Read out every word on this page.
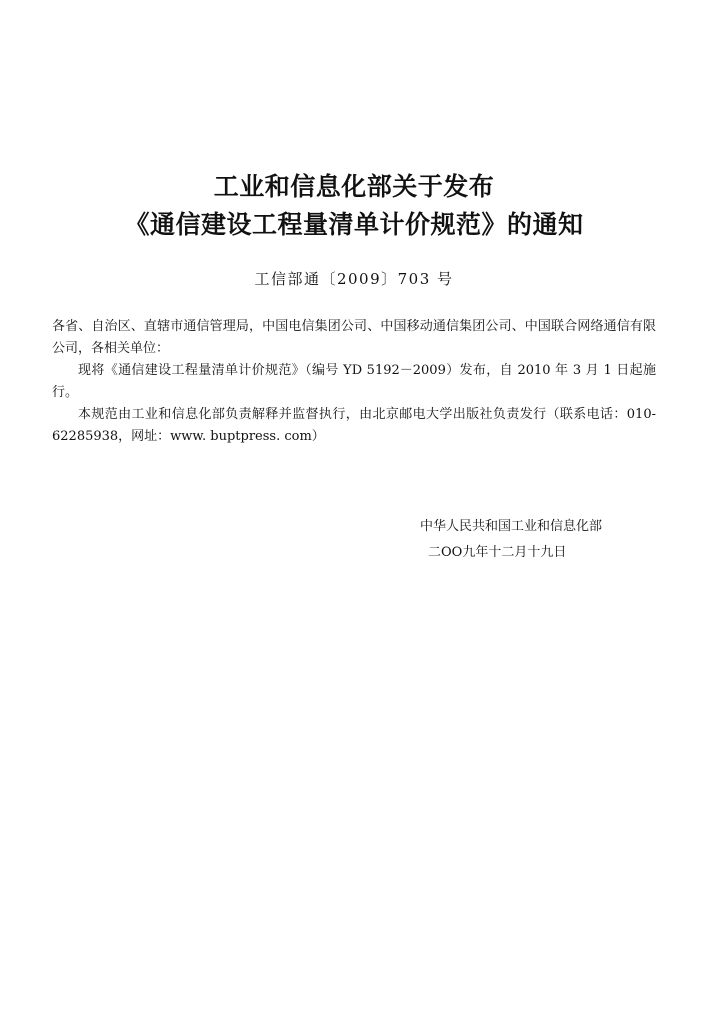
工业和信息化部关于发布
《通信建设工程量清单计价规范》的通知
工信部通〔2009〕703 号

各省、自治区、直辖市通信管理局，中国电信集团公司、中国移动通信集团公司、中国联合网络通信有限公司，各相关单位：

现将《通信建设工程量清单计价规范》（编号 YD 5192－2009）发布，自 2010 年 3 月 1 日起施行。

本规范由工业和信息化部负责解释并监督执行，由北京邮电大学出版社负责发行（联系电话：010-62285938，网址：www. buptpress. com）

中华人民共和国工业和信息化部
二OO九年十二月十九日
